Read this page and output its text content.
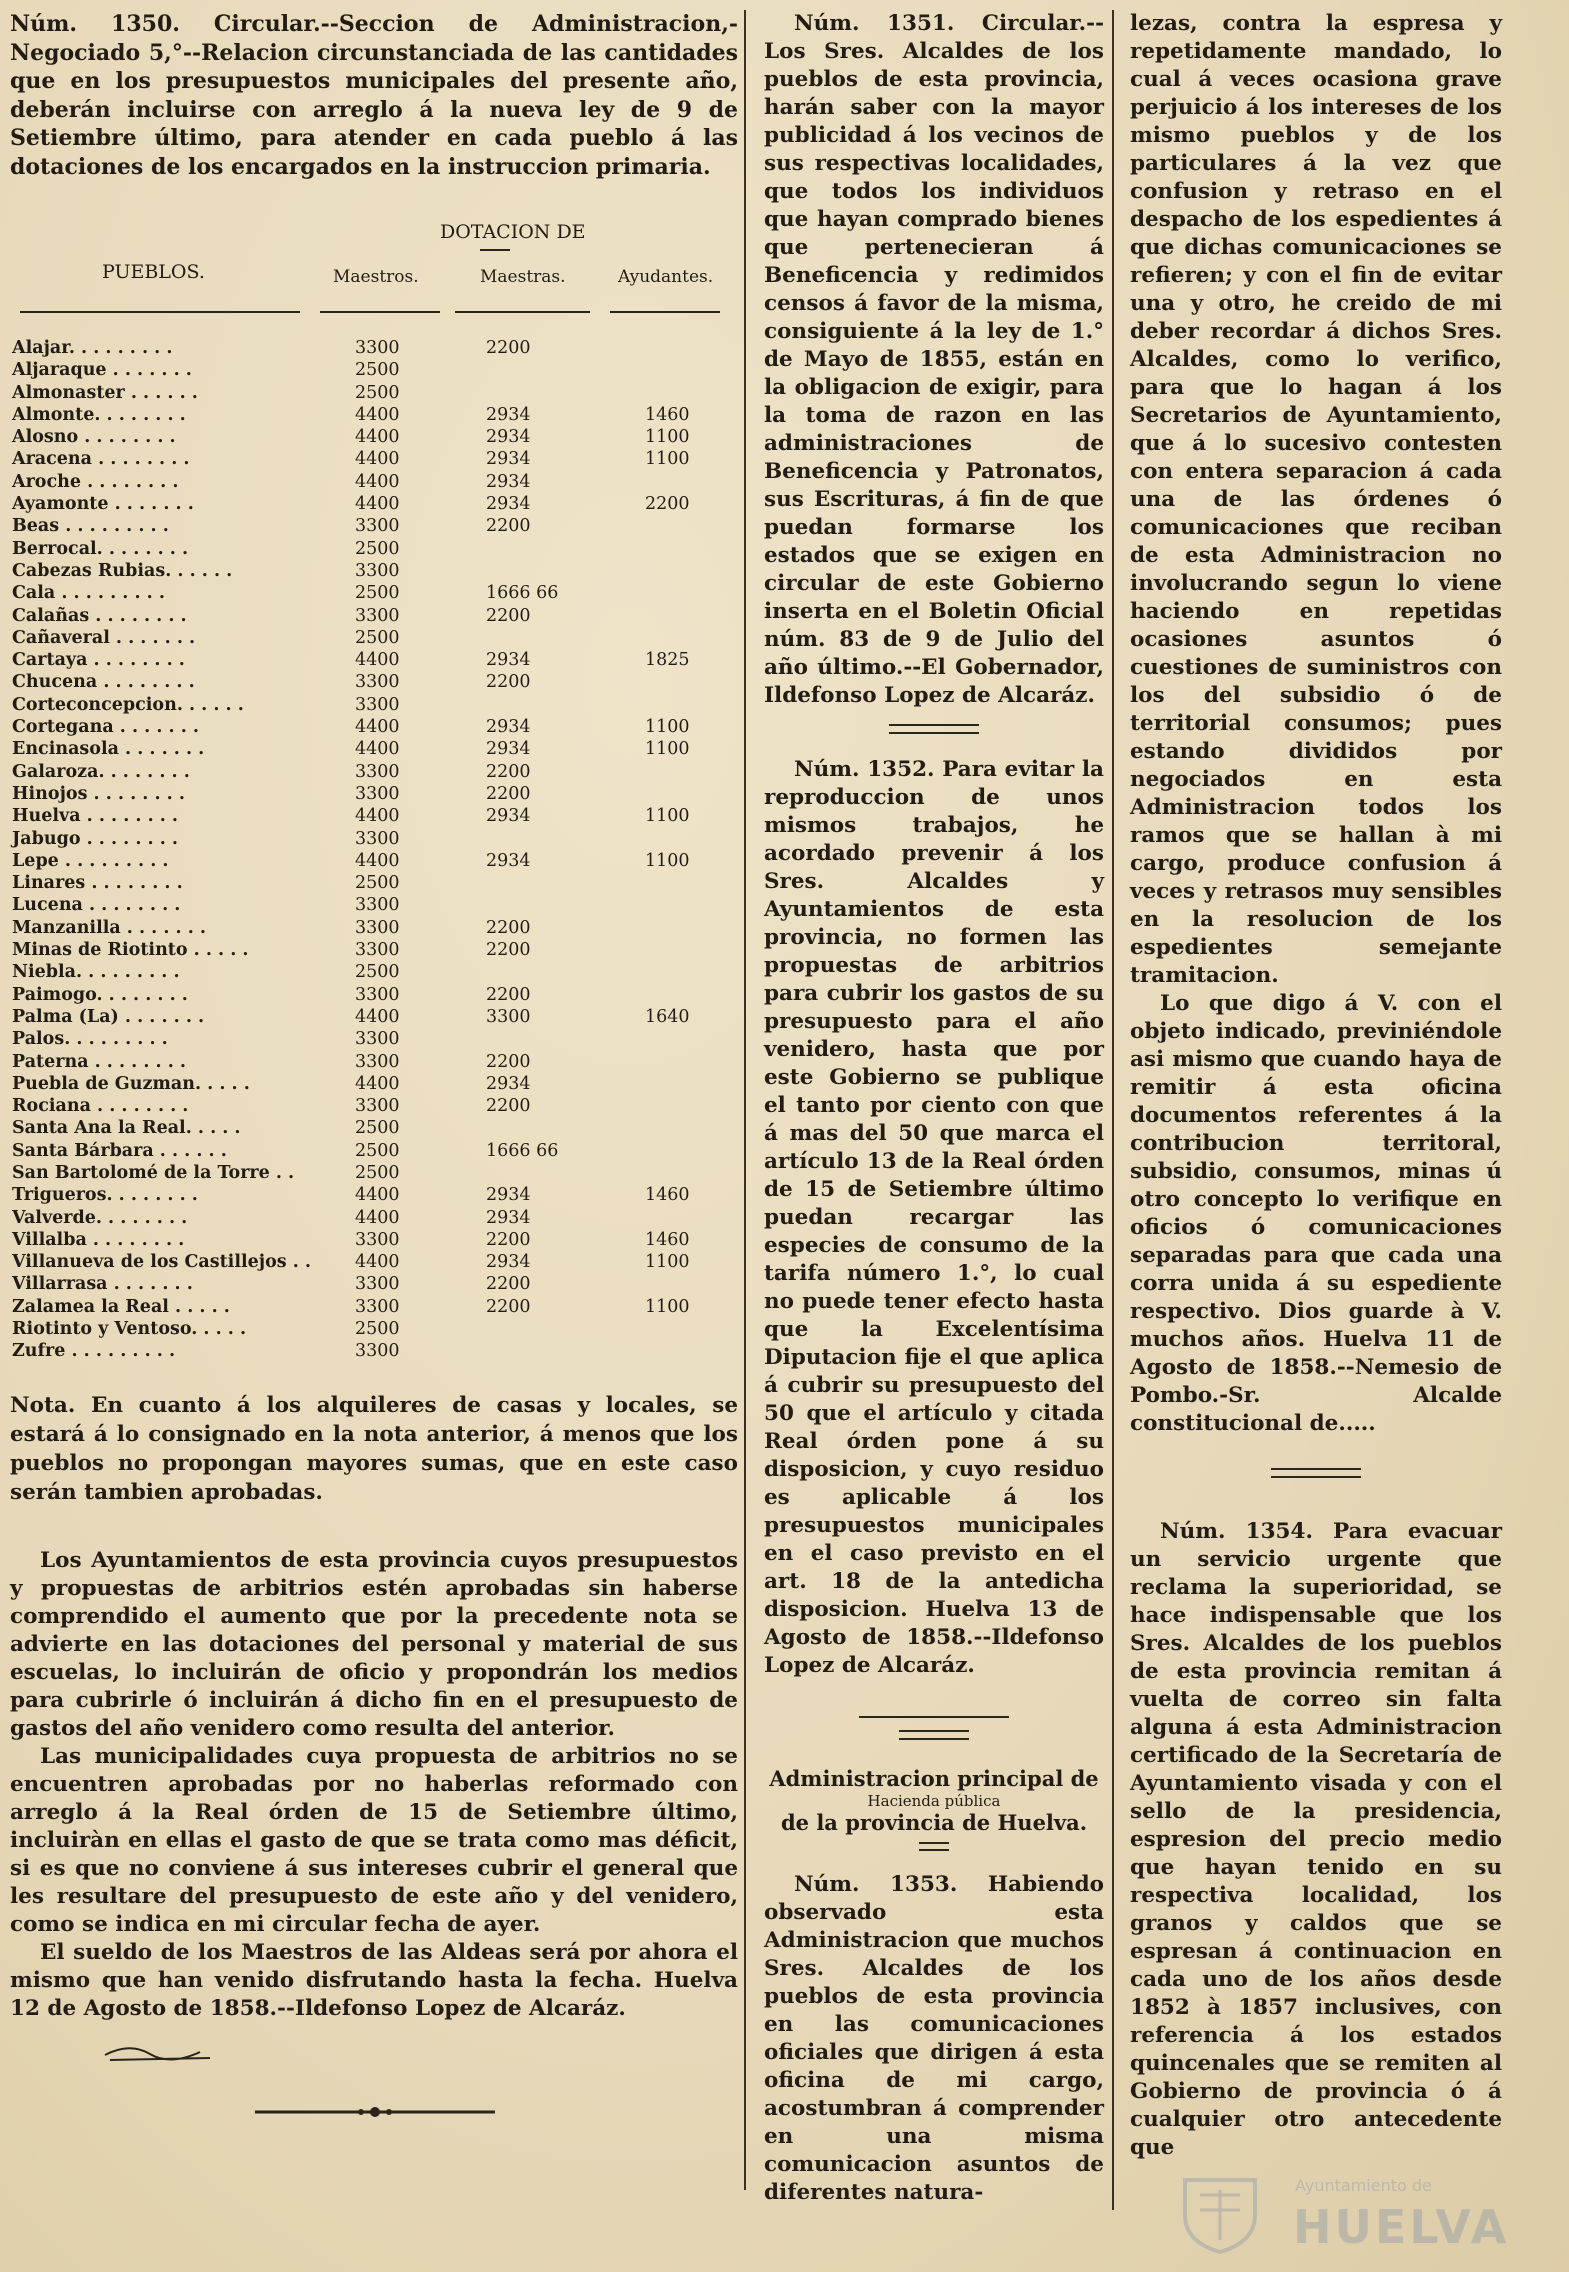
Núm. 1350. Circular.--Seccion de Administracion,-Negociado 5,°--Relacion circunstanciada de las cantidades que en los presupuestos municipales del presente año, deberán incluirse con arreglo á la nueva ley de 9 de Setiembre último, para atender en cada pueblo á las dotaciones de los encargados en la instruccion primaria.

DOTACION DE
PUEBLOS.	Maestros.	Maestras.	Ayudantes.
Alajar. . . . . . . . .	3300	2200
Aljaraque . . . . . . .	2500
Almonaster . . . . . .	2500
Almonte. . . . . . . .	4400	2934	1460
Alosno . . . . . . . .	4400	2934	1100
Aracena . . . . . . . .	4400	2934	1100
Aroche . . . . . . . .	4400	2934
Ayamonte . . . . . . .	4400	2934	2200
Beas . . . . . . . . .	3300	2200
Berrocal. . . . . . . .	2500
Cabezas Rubias. . . . . .	3300
Cala . . . . . . . . .	2500	1666 66
Calañas . . . . . . . .	3300	2200
Cañaveral . . . . . . .	2500
Cartaya . . . . . . . .	4400	2934	1825
Chucena . . . . . . . .	3300	2200
Corteconcepcion. . . . . .	3300
Cortegana . . . . . . .	4400	2934	1100
Encinasola . . . . . . .	4400	2934	1100
Galaroza. . . . . . . .	3300	2200
Hinojos . . . . . . . .	3300	2200
Huelva . . . . . . . .	4400	2934	1100
Jabugo . . . . . . . .	3300
Lepe . . . . . . . . .	4400	2934	1100
Linares . . . . . . . .	2500
Lucena . . . . . . . .	3300
Manzanilla . . . . . . .	3300	2200
Minas de Riotinto . . . . .	3300	2200
Niebla. . . . . . . . .	2500
Paimogo. . . . . . . .	3300	2200
Palma (La) . . . . . . .	4400	3300	1640
Palos. . . . . . . . .	3300
Paterna . . . . . . . .	3300	2200
Puebla de Guzman. . . . .	4400	2934
Rociana . . . . . . . .	3300	2200
Santa Ana la Real. . . . .	2500
Santa Bárbara . . . . . .	2500	1666 66
San Bartolomé de la Torre . .	2500
Trigueros. . . . . . . .	4400	2934	1460
Valverde. . . . . . . .	4400	2934
Villalba . . . . . . . .	3300	2200	1460
Villanueva de los Castillejos . .	4400	2934	1100
Villarrasa . . . . . . .	3300	2200
Zalamea la Real . . . . .	3300	2200	1100
Riotinto y Ventoso. . . . .	2500
Zufre . . . . . . . . .	3300

Nota. En cuanto á los alquileres de casas y locales, se estará á lo consignado en la nota anterior, á menos que los pueblos no propongan mayores sumas, que en este caso serán tambien aprobadas.

Los Ayuntamientos de esta provincia cuyos presupuestos y propuestas de arbitrios estén aprobadas sin haberse comprendido el aumento que por la precedente nota se advierte en las dotaciones del personal y material de sus escuelas, lo incluirán de oficio y propondrán los medios para cubrirle ó incluirán á dicho fin en el presupuesto de gastos del año venidero como resulta del anterior.

Las municipalidades cuya propuesta de arbitrios no se encuentren aprobadas por no haberlas reformado con arreglo á la Real órden de 15 de Setiembre último, incluiràn en ellas el gasto de que se trata como mas déficit, si es que no conviene á sus intereses cubrir el general que les resultare del presupuesto de este año y del venidero, como se indica en mi circular fecha de ayer.

El sueldo de los Maestros de las Aldeas será por ahora el mismo que han venido disfrutando hasta la fecha. Huelva 12 de Agosto de 1858.--Ildefonso Lopez de Alcaráz.

Núm. 1351. Circular.-- Los Sres. Alcaldes de los pueblos de esta provincia, harán saber con la mayor publicidad á los vecinos de sus respectivas localidades, que todos los individuos que hayan comprado bienes que pertenecieran á Beneficencia y redimidos censos á favor de la misma, consiguiente á la ley de 1.° de Mayo de 1855, están en la obligacion de exigir, para la toma de razon en las administraciones de Beneficencia y Patronatos, sus Escrituras, á fin de que puedan formarse los estados que se exigen en circular de este Gobierno inserta en el Boletin Oficial núm. 83 de 9 de Julio del año último.--El Gobernador, Ildefonso Lopez de Alcaráz.

Núm. 1352. Para evitar la reproduccion de unos mismos trabajos, he acordado prevenir á los Sres. Alcaldes y Ayuntamientos de esta provincia, no formen las propuestas de arbitrios para cubrir los gastos de su presupuesto para el año venidero, hasta que por este Gobierno se publique el tanto por ciento con que á mas del 50 que marca el artículo 13 de la Real órden de 15 de Setiembre último puedan recargar las especies de consumo de la tarifa número 1.°, lo cual no puede tener efecto hasta que la Excelentísima Diputacion fije el que aplica á cubrir su presupuesto del 50 que el artículo y citada Real órden pone á su disposicion, y cuyo residuo es aplicable á los presupuestos municipales en el caso previsto en el art. 18 de la antedicha disposicion. Huelva 13 de Agosto de 1858.--Ildefonso Lopez de Alcaráz.

Administracion principal de
Hacienda pública
de la provincia de Huelva.

Núm. 1353. Habiendo observado esta Administracion que muchos Sres. Alcaldes de los pueblos de esta provincia en las comunicaciones oficiales que dirigen á esta oficina de mi cargo, acostumbran á comprender en una misma comunicacion asuntos de diferentes natura-

lezas, contra la espresa y repetidamente mandado, lo cual á veces ocasiona grave perjuicio á los intereses de los mismo pueblos y de los particulares á la vez que confusion y retraso en el despacho de los espedientes á que dichas comunicaciones se refieren; y con el fin de evitar una y otro, he creido de mi deber recordar á dichos Sres. Alcaldes, como lo verifico, para que lo hagan á los Secretarios de Ayuntamiento, que á lo sucesivo contesten con entera separacion á cada una de las órdenes ó comunicaciones que reciban de esta Administracion no involucrando segun lo viene haciendo en repetidas ocasiones asuntos ó cuestiones de suministros con los del subsidio ó de territorial consumos; pues estando divididos por negociados en esta Administracion todos los ramos que se hallan à mi cargo, produce confusion á veces y retrasos muy sensibles en la resolucion de los espedientes semejante tramitacion.

Lo que digo á V. con el objeto indicado, previniéndole asi mismo que cuando haya de remitir á esta oficina documentos referentes á la contribucion territoral, subsidio, consumos, minas ú otro concepto lo verifique en oficios ó comunicaciones separadas para que cada una corra unida á su espediente respectivo. Dios guarde à V. muchos años. Huelva 11 de Agosto de 1858.--Nemesio de Pombo.-Sr. Alcalde constitucional de.....

Núm. 1354. Para evacuar un servicio urgente que reclama la superioridad, se hace indispensable que los Sres. Alcaldes de los pueblos de esta provincia remitan á vuelta de correo sin falta alguna á esta Administracion certificado de la Secretaría de Ayuntamiento visada y con el sello de la presidencia, espresion del precio medio que hayan tenido en su respectiva localidad, los granos y caldos que se espresan á continuacion en cada uno de los años desde 1852 à 1857 inclusives, con referencia á los estados quincenales que se remiten al Gobierno de provincia ó á cualquier otro antecedente que

Ayuntamiento de
HUELVA
